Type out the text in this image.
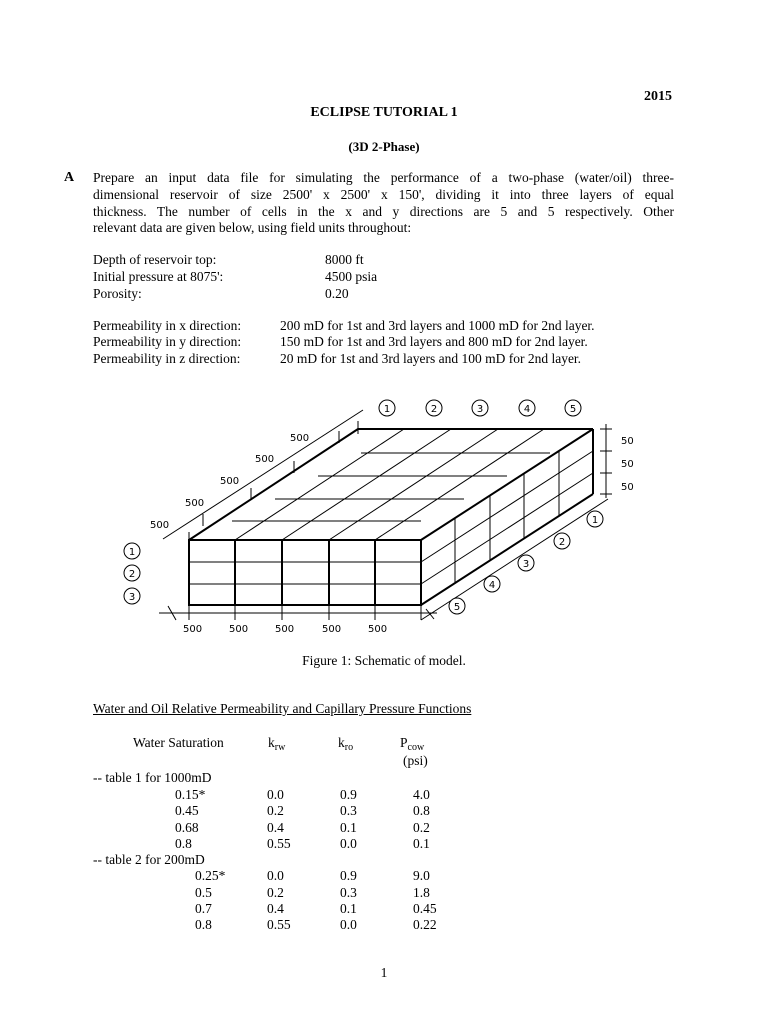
2015
ECLIPSE TUTORIAL 1
(3D 2-Phase)
A Prepare an input data file for simulating the performance of a two-phase (water/oil) three-
dimensional reservoir of size 2500' x 2500' x 150', dividing it into three layers of equal
thickness. The number of cells in the x and y directions are 5 and 5 respectively. Other
relevant data are given below, using field units throughout:
Depth of reservoir top:	8000 ft
Initial pressure at 8075':	4500 psia
Porosity:	0.20
Permeability in x direction:	200 mD for 1st and 3rd layers and 1000 mD for 2nd layer.
Permeability in y direction:	150 mD for 1st and 3rd layers and 800 mD for 2nd layer.
Permeability in z direction:	20 mD for 1st and 3rd layers and 100 mD for 2nd layer.
500
500
500
500
500
500	500	500	500	500
50
50
50
1	2	3	4	5
1
2
3
1
2
3
4
5
Figure 1: Schematic of model.
Water and Oil Relative Permeability and Capillary Pressure Functions
Water Saturation	$k_{rw}$	$k_{ro}$	$P_{cow}$
(psi)
-- table 1 for 1000mD
0.15*	0.0	0.9	4.0
0.45	0.2	0.3	0.8
0.68	0.4	0.1	0.2
0.8	0.55	0.0	0.1
-- table 2 for 200mD
0.25*	0.0	0.9	9.0
0.5	0.2	0.3	1.8
0.7	0.4	0.1	0.45
0.8	0.55	0.0	0.22
1
